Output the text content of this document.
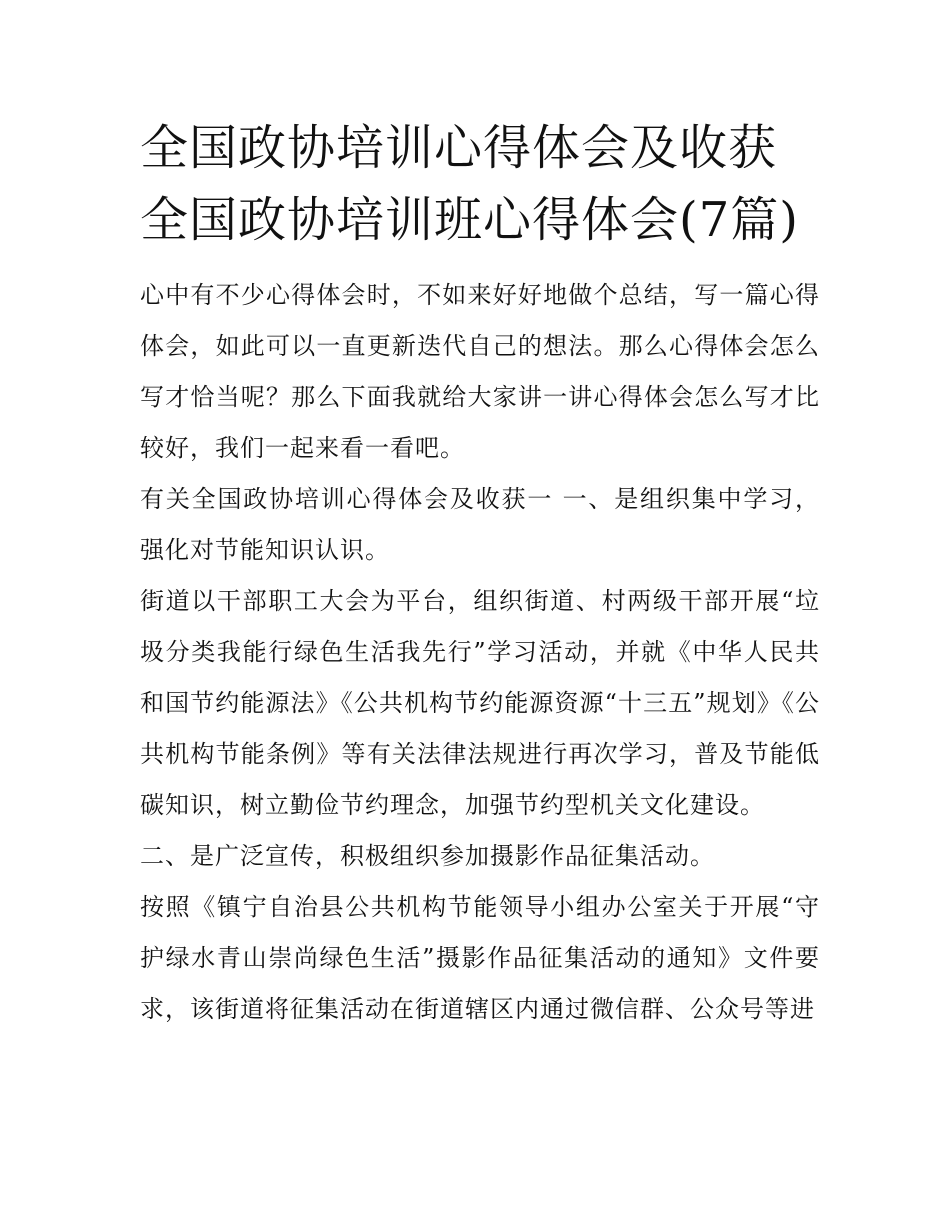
全国政协培训心得体会及收获全国政协培训班心得体会(7篇)

心中有不少心得体会时，不如来好好地做个总结，写一篇心得体会，如此可以一直更新迭代自己的想法。那么心得体会怎么写才恰当呢？那么下面我就给大家讲一讲心得体会怎么写才比较好，我们一起来看一看吧。

有关全国政协培训心得体会及收获一 一、是组织集中学习，强化对节能知识认识。

街道以干部职工大会为平台，组织街道、村两级干部开展“垃圾分类我能行绿色生活我先行”学习活动，并就《中华人民共和国节约能源法》《公共机构节约能源资源“十三五”规划》《公共机构节能条例》等有关法律法规进行再次学习，普及节能低碳知识，树立勤俭节约理念，加强节约型机关文化建设。

二、是广泛宣传，积极组织参加摄影作品征集活动。

按照《镇宁自治县公共机构节能领导小组办公室关于开展“守护绿水青山崇尚绿色生活”摄影作品征集活动的通知》文件要求，该街道将征集活动在街道辖区内通过微信群、公众号等进
